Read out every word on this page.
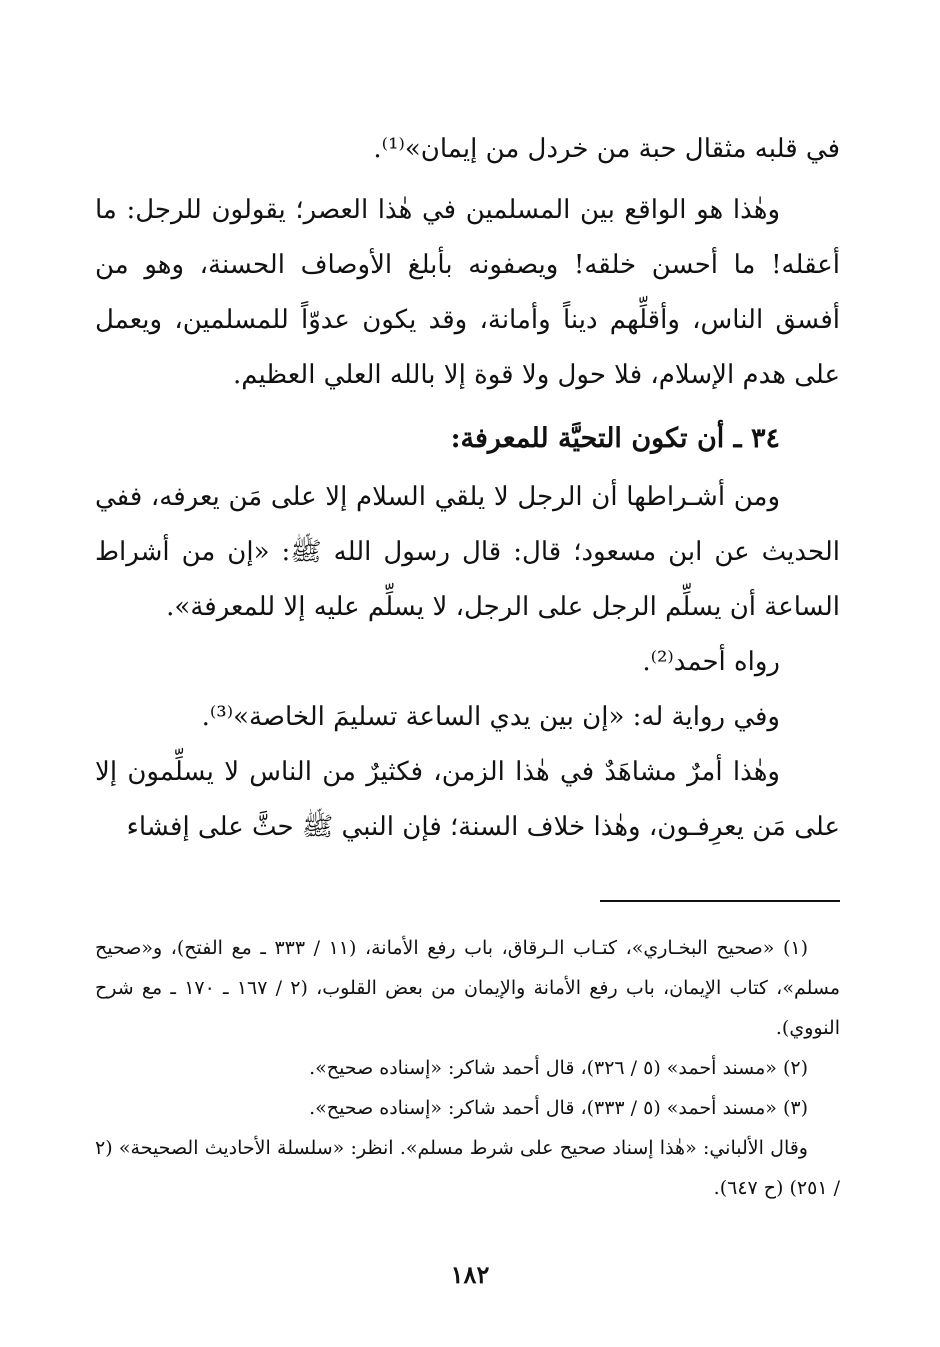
في قلبه مثقال حبة من خردل من إيمان»⁽¹⁾.

وهٰذا هو الواقع بين المسلمين في هٰذا العصر؛ يقولون للرجل: ما أعقله! ما أحسن خلقه! ويصفونه بأبلغ الأوصاف الحسنة، وهو من أفسق الناس، وأقلِّهم ديناً وأمانة، وقد يكون عدوّاً للمسلمين، ويعمل على هدم الإسلام، فلا حول ولا قوة إلا بالله العلي العظيم.

٣٤ ـ أن تكون التحيَّة للمعرفة:

ومن أشـراطها أن الرجل لا يلقي السلام إلا على مَن يعرفه، ففي الحديث عن ابن مسعود؛ قال: قال رسول الله ﷺ: «إن من أشراط الساعة أن يسلِّم الرجل على الرجل، لا يسلِّم عليه إلا للمعرفة».

رواه أحمد⁽²⁾.

وفي رواية له: «إن بين يدي الساعة تسليمَ الخاصة»⁽³⁾.

وهٰذا أمرٌ مشاهَدٌ في هٰذا الزمن، فكثيرٌ من الناس لا يسلِّمون إلا على مَن يعرِفـون، وهٰذا خلاف السنة؛ فإن النبي ﷺ حثَّ على إفشاء

(١) «صحيح البخـاري»، كتـاب الـرقاق، باب رفع الأمانة، (١١ / ٣٣٣ ـ مع الفتح)، و«صحيح مسلم»، كتاب الإيمان، باب رفع الأمانة والإيمان من بعض القلوب، (٢ / ١٦٧ ـ ١٧٠ ـ مع شرح النووي).

(٢) «مسند أحمد» (٥ / ٣٢٦)، قال أحمد شاكر: «إسناده صحيح».

(٣) «مسند أحمد» (٥ / ٣٣٣)، قال أحمد شاكر: «إسناده صحيح».

وقال الألباني: «هٰذا إسناد صحيح على شرط مسلم». انظر: «سلسلة الأحاديث الصحيحة» (٢ / ٢٥١) (ح ٦٤٧).

١٨٢
